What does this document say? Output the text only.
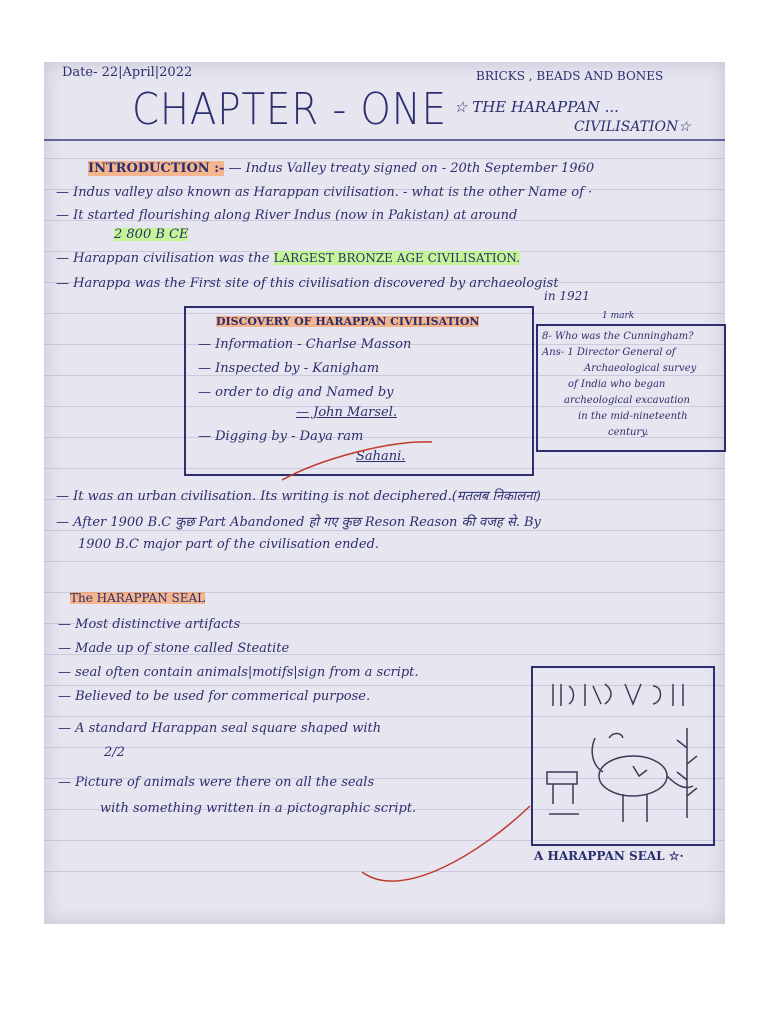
Date- 22|April|2022	BRICKS , BEADS AND BONES
CHAPTER - ONE ☆ THE HARAPPAN ...
CIVILISATION☆
INTRODUCTION :- — Indus Valley treaty signed on - 20th September 1960
— Indus valley also known as Harappan civilisation. - what is the other Name of ·
— It started flourishing along River Indus (now in Pakistan) at around
2 800 B CE
— Harappan civilisation was the LARGEST BRONZE AGE CIVILISATION.
— Harappa was the First site of this civilisation discovered by archaeologist
in 1921
DISCOVERY OF HARAPPAN CIVILISATION
— Information - Charlse Masson
— Inspected by - Kanigham
— order to dig and Named by
— John Marsel.
— Digging by - Daya ram
Sahani.
1 mark
8- Who was the Cunningham?
Ans- 1 Director General of
Archaeological survey
of India who began
archeological excavation
in the mid-nineteenth
century.
— It was an urban civilisation. Its writing is not deciphered.(मतलब निकालना)
— After 1900 B.C कुछ Part Abandoned हो गए कुछ Reson Reason की वजह से. By
1900 B.C major part of the civilisation ended.
The HARAPPAN SEAL
— Most distinctive artifacts
— Made up of stone called Steatite
— seal often contain animals|motifs|sign from a script.
— Believed to be used for commerical purpose.
— A standard Harappan seal square shaped with
2/2
— Picture of animals were there on all the seals
with something written in a pictographic script.
A HARAPPAN SEAL ☆·
